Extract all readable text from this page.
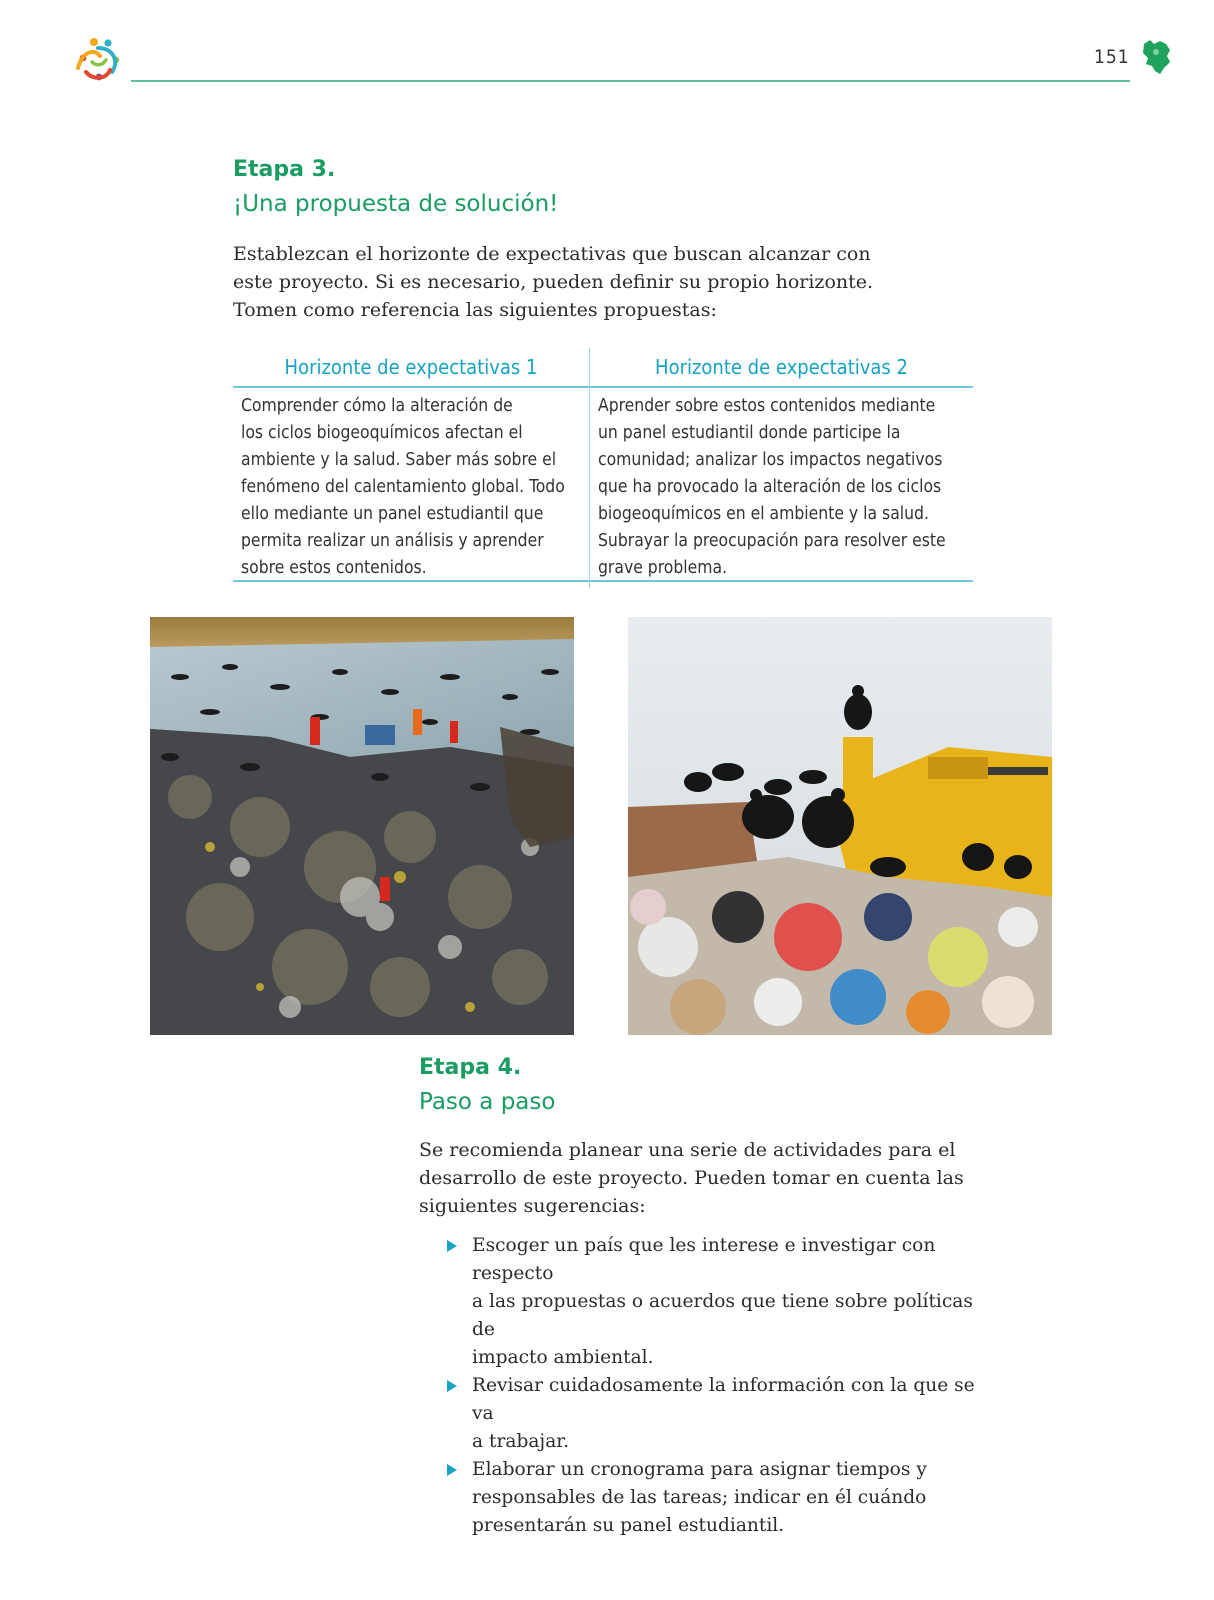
151
Etapa 3.
¡Una propuesta de solución!
Establezcan el horizonte de expectativas que buscan alcanzar con
este proyecto. Si es necesario, pueden definir su propio horizonte.
Tomen como referencia las siguientes propuestas:
Horizonte de expectativas 1
Comprender cómo la alteración de
los ciclos biogeoquímicos afectan el
ambiente y la salud. Saber más sobre el
fenómeno del calentamiento global. Todo
ello mediante un panel estudiantil que
permita realizar un análisis y aprender
sobre estos contenidos.
Horizonte de expectativas 2
Aprender sobre estos contenidos mediante
un panel estudiantil donde participe la
comunidad; analizar los impactos negativos
que ha provocado la alteración de los ciclos
biogeoquímicos en el ambiente y la salud.
Subrayar la preocupación para resolver este
grave problema.
Etapa 4.
Paso a paso
Se recomienda planear una serie de actividades para el
desarrollo de este proyecto. Pueden tomar en cuenta las
siguientes sugerencias:
Escoger un país que les interese e investigar con respecto
a las propuestas o acuerdos que tiene sobre políticas de
impacto ambiental.
Revisar cuidadosamente la información con la que se va
a trabajar.
Elaborar un cronograma para asignar tiempos y
responsables de las tareas; indicar en él cuándo
presentarán su panel estudiantil.
